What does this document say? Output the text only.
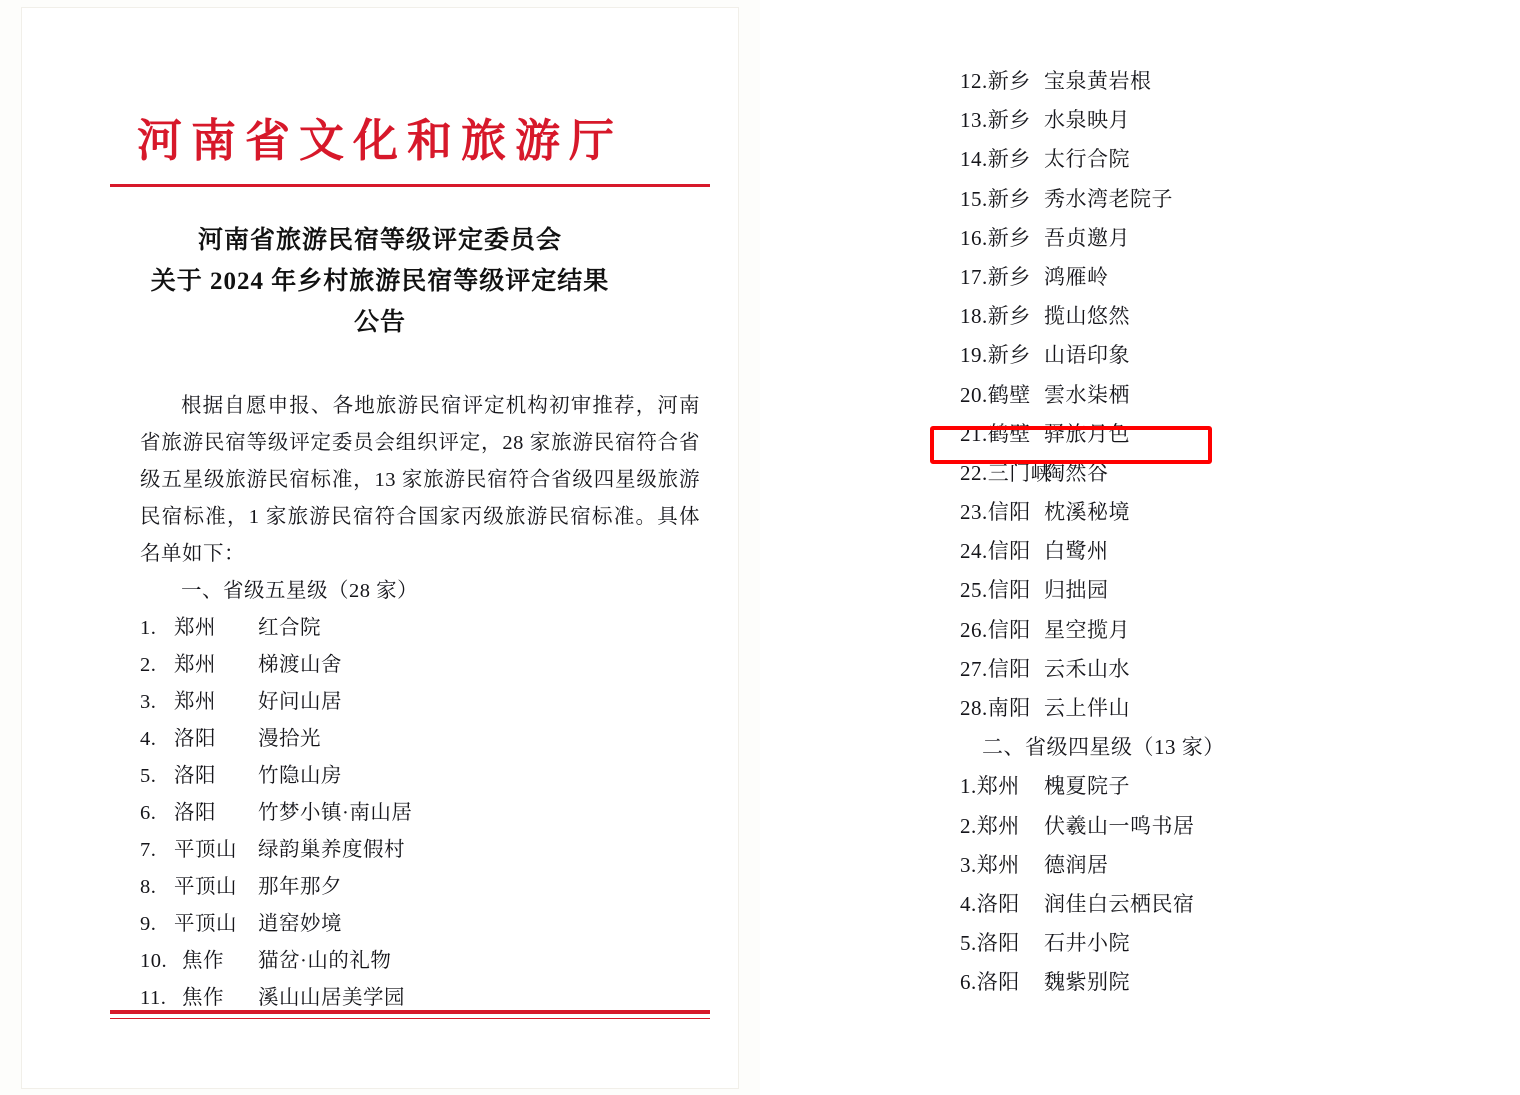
河南省文化和旅游厅
河南省旅游民宿等级评定委员会
关于 2024 年乡村旅游民宿等级评定结果
公告

根据自愿申报、各地旅游民宿评定机构初审推荐，河南省旅游民宿等级评定委员会组织评定，28 家旅游民宿符合省级五星级旅游民宿标准，13 家旅游民宿符合省级四星级旅游民宿标准，1 家旅游民宿符合国家丙级旅游民宿标准。具体名单如下：

一、省级五星级（28 家）

1. 郑州 红合院

2. 郑州 梯渡山舍

3. 郑州 好问山居

4. 洛阳 漫拾光

5. 洛阳 竹隐山房

6. 洛阳 竹梦小镇·南山居

7. 平顶山 绿韵巢养度假村

8. 平顶山 那年那夕

9. 平顶山 逍窑妙境

10. 焦作 猫岔·山的礼物

11. 焦作 溪山山居美学园

12.新乡 宝泉黄岩根
13.新乡 水泉映月
14.新乡 太行合院
15.新乡 秀水湾老院子
16.新乡 吾贞邀月
17.新乡 鸿雁岭
18.新乡 揽山悠然
19.新乡 山语印象
20.鹤壁 雲水柒栖
21.鹤壁 驿旅月色
22.三门峡陶然谷
23.信阳 枕溪秘境
24.信阳 白鹭州
25.信阳 归拙园
26.信阳 星空揽月
27.信阳 云禾山水
28.南阳 云上伴山
二、省级四星级（13 家）
1.郑州 槐夏院子
2.郑州 伏羲山一鸣书居
3.郑州 德润居
4.洛阳 润佳白云栖民宿
5.洛阳 石井小院
6.洛阳 魏紫别院
